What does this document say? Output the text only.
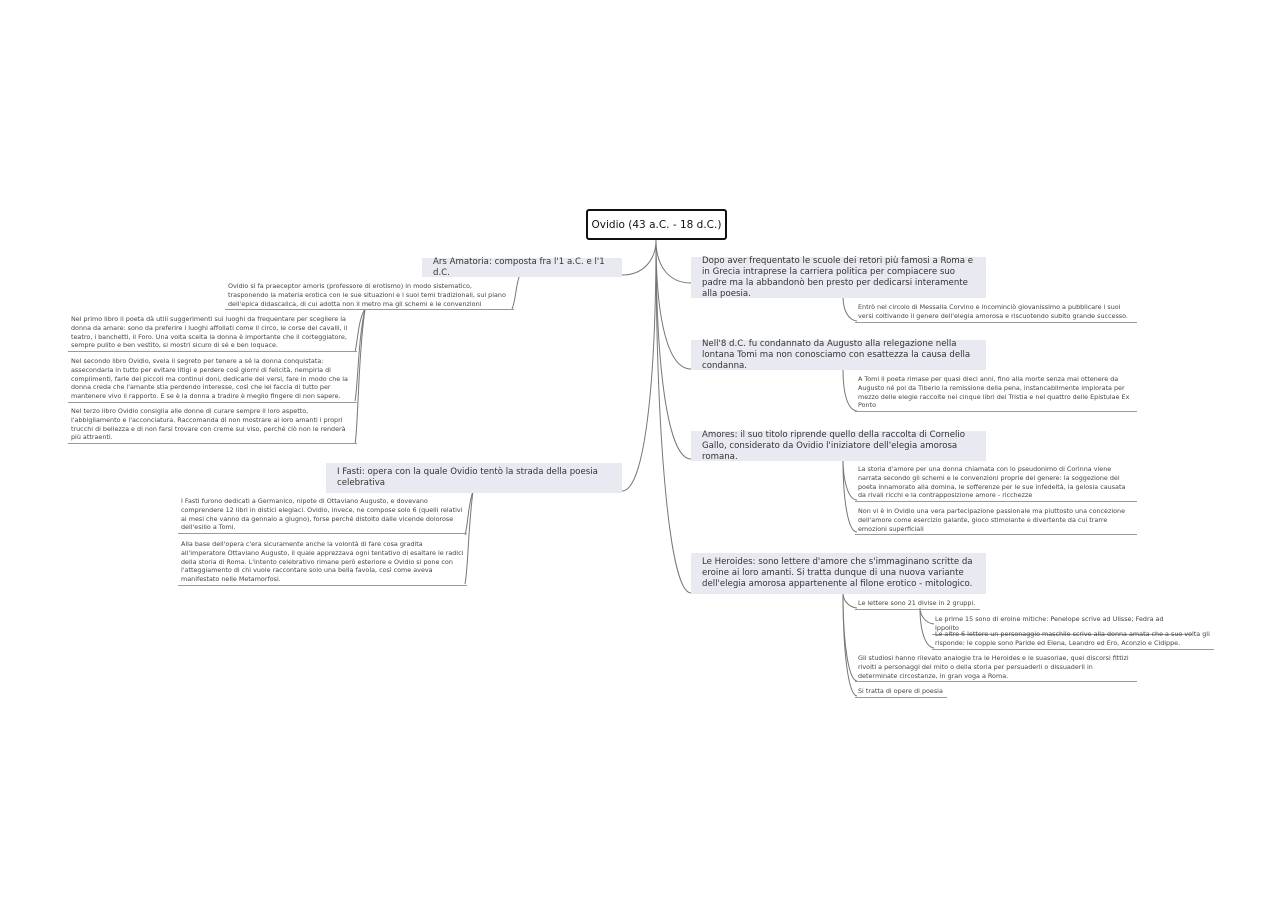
Ovidio (43 a.C. - 18 d.C.)
Ars Amatoria: composta fra l'1 a.C. e l'1 d.C.
Ovidio si fa praeceptor amoris (professore di erotismo) in modo sistematico, trasponendo la materia erotica con le sue situazioni e i suoi temi tradizionali, sul piano dell'epica didascalica, di cui adotta non il metro ma gli schemi e le convenzioni
Nel primo libro il poeta dà utili suggerimenti sui luoghi da frequentare per scegliere la donna da amare: sono da preferire i luoghi affollati come il circo, le corse dei cavalli, il teatro, i banchetti, il Foro. Una volta scelta la donna è importante che il corteggiatore, sempre pulito e ben vestito, si mostri sicuro di sé e ben loquace.
Nel secondo libro Ovidio, svela il segreto per tenere a sé la donna conquistata: assecondarla in tutto per evitare litigi e perdere così giorni di felicità, riempirla di complimenti, farle dei piccoli ma continui doni, dedicarle dei versi, fare in modo che la donna creda che l'amante stia perdendo interesse, così che lei faccia di tutto per mantenere vivo il rapporto. E se è la donna a tradire è meglio fingere di non sapere.
Nel terzo libro Ovidio consiglia alle donne di curare sempre il loro aspetto, l'abbigliamento e l'acconciatura. Raccomanda di non mostrare ai loro amanti i propri trucchi di bellezza e di non farsi trovare con creme sul viso, perché ciò non le renderà più attraenti.
I Fasti: opera con la quale Ovidio tentò la strada della poesia celebrativa
I Fasti furono dedicati a Germanico, nipote di Ottaviano Augusto, e dovevano comprendere 12 libri in distici elegiaci. Ovidio, invece, ne compose solo 6 (quelli relativi ai mesi che vanno da gennaio a giugno), forse perché distolto dalle vicende dolorose dell'esilio a Tomi.
Alla base dell'opera c'era sicuramente anche la volontà di fare cosa gradita all'imperatore Ottaviano Augusto, il quale apprezzava ogni tentativo di esaltare le radici della storia di Roma. L'intento celebrativo rimane però esteriore e Ovidio si pone con l'atteggiamento di chi vuole raccontare solo una bella favola, così come aveva manifestato nelle Metamorfosi.
Dopo aver frequentato le scuole dei retori più famosi a Roma e in Grecia intraprese la carriera politica per compiacere suo padre ma la abbandonò ben presto per dedicarsi interamente alla poesia.
Entrò nel circolo di Messalla Corvino e incominciò giovanissimo a pubblicare i suoi versi coltivando il genere dell'elegia amorosa e riscuotendo subito grande successo.
Nell'8 d.C. fu condannato da Augusto alla relegazione nella lontana Tomi ma non conosciamo con esattezza la causa della condanna.
A Tomi il poeta rimase per quasi dieci anni, fino alla morte senza mai ottenere da Augusto né poi da Tiberio la remissione della pena, instancabilmente implorata per mezzo delle elegie raccolte nei cinque libri dei Tristia e nei quattro delle Epistulae Ex Ponto
Amores: il suo titolo riprende quello della raccolta di Cornelio Gallo, considerato da Ovidio l'iniziatore dell'elegia amorosa romana.
La storia d'amore per una donna chiamata con lo pseudonimo di Corinna viene narrata secondo gli schemi e le convenzioni proprie del genere: la soggezione del poeta innamorato alla domina, le sofferenze per le sue infedeltà, la gelosia causata da rivali ricchi e la contrapposizione amore - ricchezze
Non vi è in Ovidio una vera partecipazione passionale ma piuttosto una concezione dell'amore come esercizio galante, gioco stimolante e divertente da cui trarre emozioni superficiali
Le Heroides: sono lettere d'amore che s'immaginano scritte da eroine ai loro amanti. Si tratta dunque di una nuova variante dell'elegia amorosa appartenente al filone erotico - mitologico.
Le lettere sono 21 divise in 2 gruppi.
Le prime 15 sono di eroine mitiche: Penelope scrive ad Ulisse; Fedra ad Ippolito
Le altre 6 lettere un personaggio maschile scrive alla donna amata che a suo volta gli risponde: le coppie sono Paride ed Elena, Leandro ed Ero, Aconzio e Cidippe.
Gli studiosi hanno rilevato analogie tra le Heroides e le suasoriae, quei discorsi fittizi rivolti a personaggi del mito o della storia per persuaderli o dissuaderli in determinate circostanze, in gran voga a Roma.
Si tratta di opere di poesia
